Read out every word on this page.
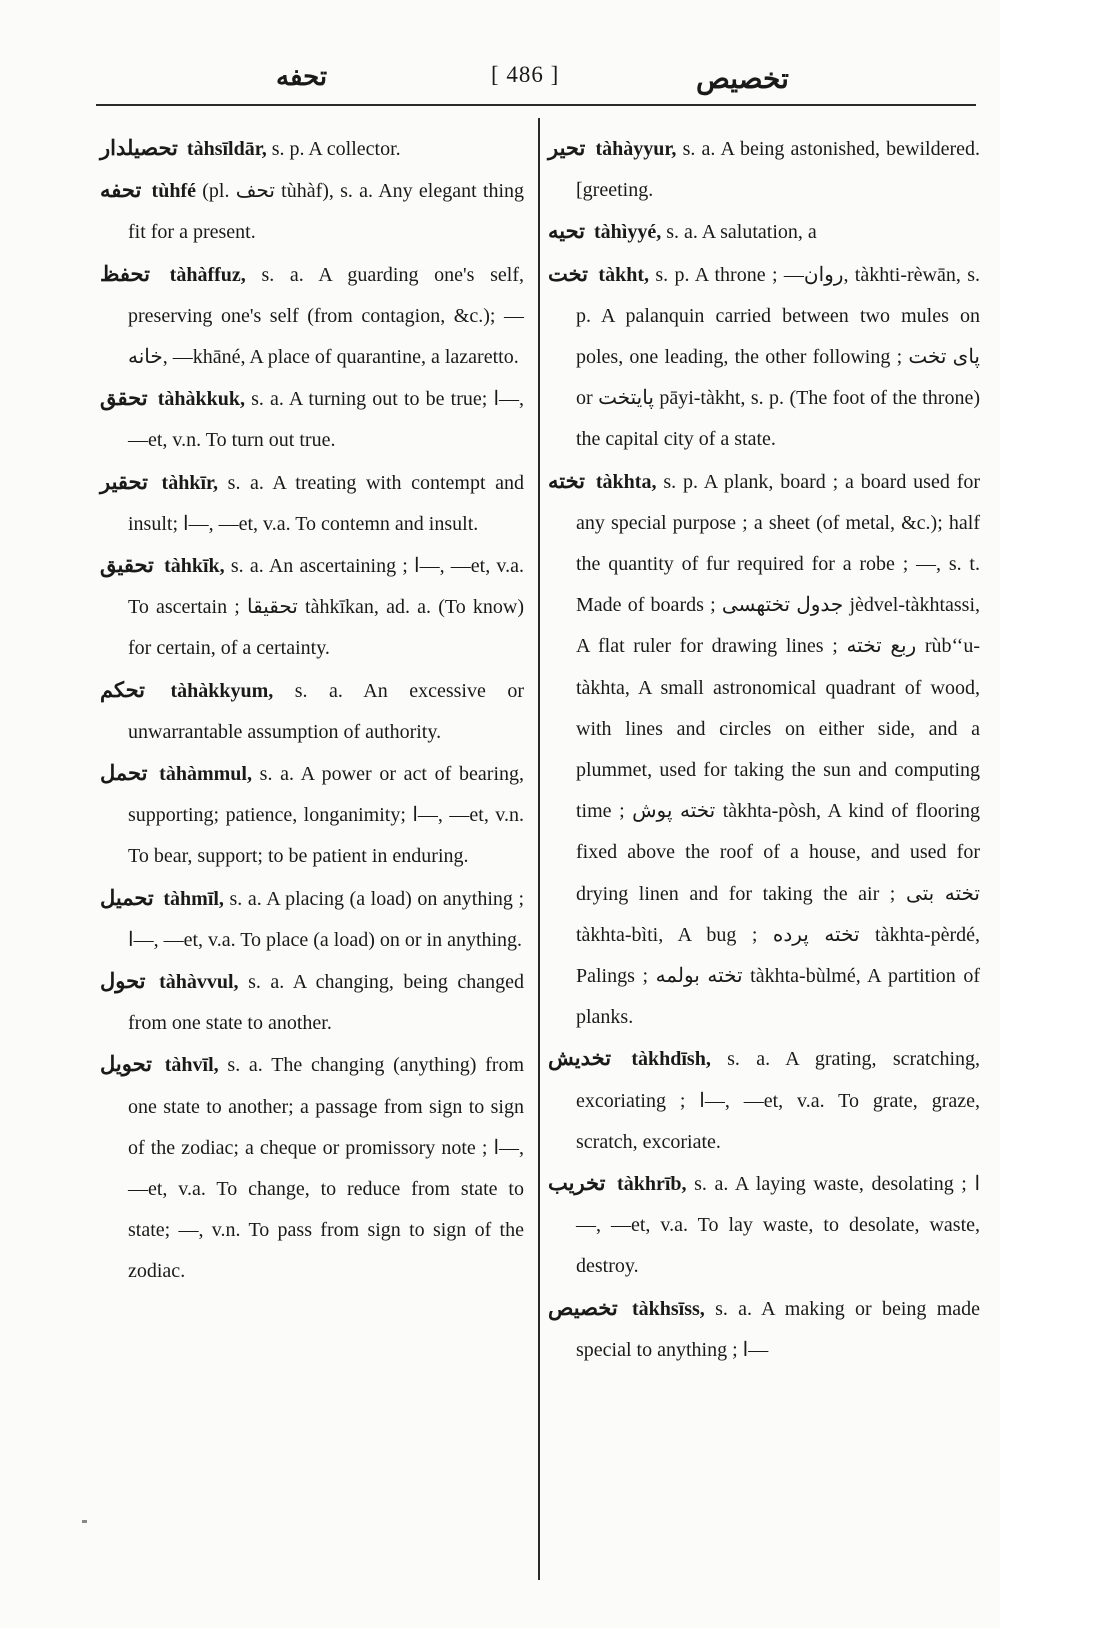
تحفه	[ 486 ]	تخصيص

تحصیلدار tàhsīldār, s. p. A collector.

تحفه tùhfé (pl. تحف tùhàf), s. a. Any elegant thing fit for a present.

تحفظ tàhàffuz, s. a. A guarding one's self, preserving one's self (from contagion, &c.); —خانه, —khāné, A place of quarantine, a lazaretto.

تحقق tàhàkkuk, s. a. A turning out to be true; ا—, —et, v.n. To turn out true.

تحقیر tàhkīr, s. a. A treating with contempt and insult; ا—, —et, v.a. To contemn and insult.

تحقیق tàhkīk, s. a. An ascertaining ; ا—, —et, v.a. To ascertain ; تحقیقا tàhkīkan, ad. a. (To know) for certain, of a certainty.

تحکم tàhàkkyum, s. a. An excessive or unwarrantable assumption of authority.

تحمل tàhàmmul, s. a. A power or act of bearing, supporting; patience, longanimity; ا—, —et, v.n. To bear, support; to be patient in enduring.

تحمیل tàhmīl, s. a. A placing (a load) on anything ; ا—, —et, v.a. To place (a load) on or in anything.

تحول tàhàvvul, s. a. A changing, being changed from one state to another.

تحویل tàhvīl, s. a. The changing (anything) from one state to another; a passage from sign to sign of the zodiac; a cheque or promissory note ; ا—, —et, v.a. To change, to reduce from state to state; —, v.n. To pass from sign to sign of the zodiac.

تحیر tàhàyyur, s. a. A being astonished, bewildered. [greeting.

تحیه tàhìyyé, s. a. A salutation, a

تخت tàkht, s. p. A throne ; —روان, tàkhti-rèwān, s. p. A palanquin carried between two mules on poles, one leading, the other following ; پای تخت or پایتخت pāyi-tàkht, s. p. (The foot of the throne) the capital city of a state.

تخته tàkhta, s. p. A plank, board ; a board used for any special purpose ; a sheet (of metal, &c.); half the quantity of fur required for a robe ; —, s. t. Made of boards ; جدول تختهسی jèdvel-tàkhtassi, A flat ruler for drawing lines ; ربع تخته rùb‘‘u-tàkhta, A small astronomical quadrant of wood, with lines and circles on either side, and a plummet, used for taking the sun and computing time ; تخته پوش tàkhta-pòsh, A kind of flooring fixed above the roof of a house, and used for drying linen and for taking the air ; تخته بتی tàkhta-bìti, A bug ; تخته پرده tàkhta-pèrdé, Palings ; تخته بولمه tàkhta-bùlmé, A partition of planks.

تخدیش tàkhdīsh, s. a. A grating, scratching, excoriating ; ا—, —et, v.a. To grate, graze, scratch, excoriate.

تخریب tàkhrīb, s. a. A laying waste, desolating ; ا—, —et, v.a. To lay waste, to desolate, waste, destroy.

تخصیص tàkhsīss, s. a. A making or being made special to anything ; ا—
